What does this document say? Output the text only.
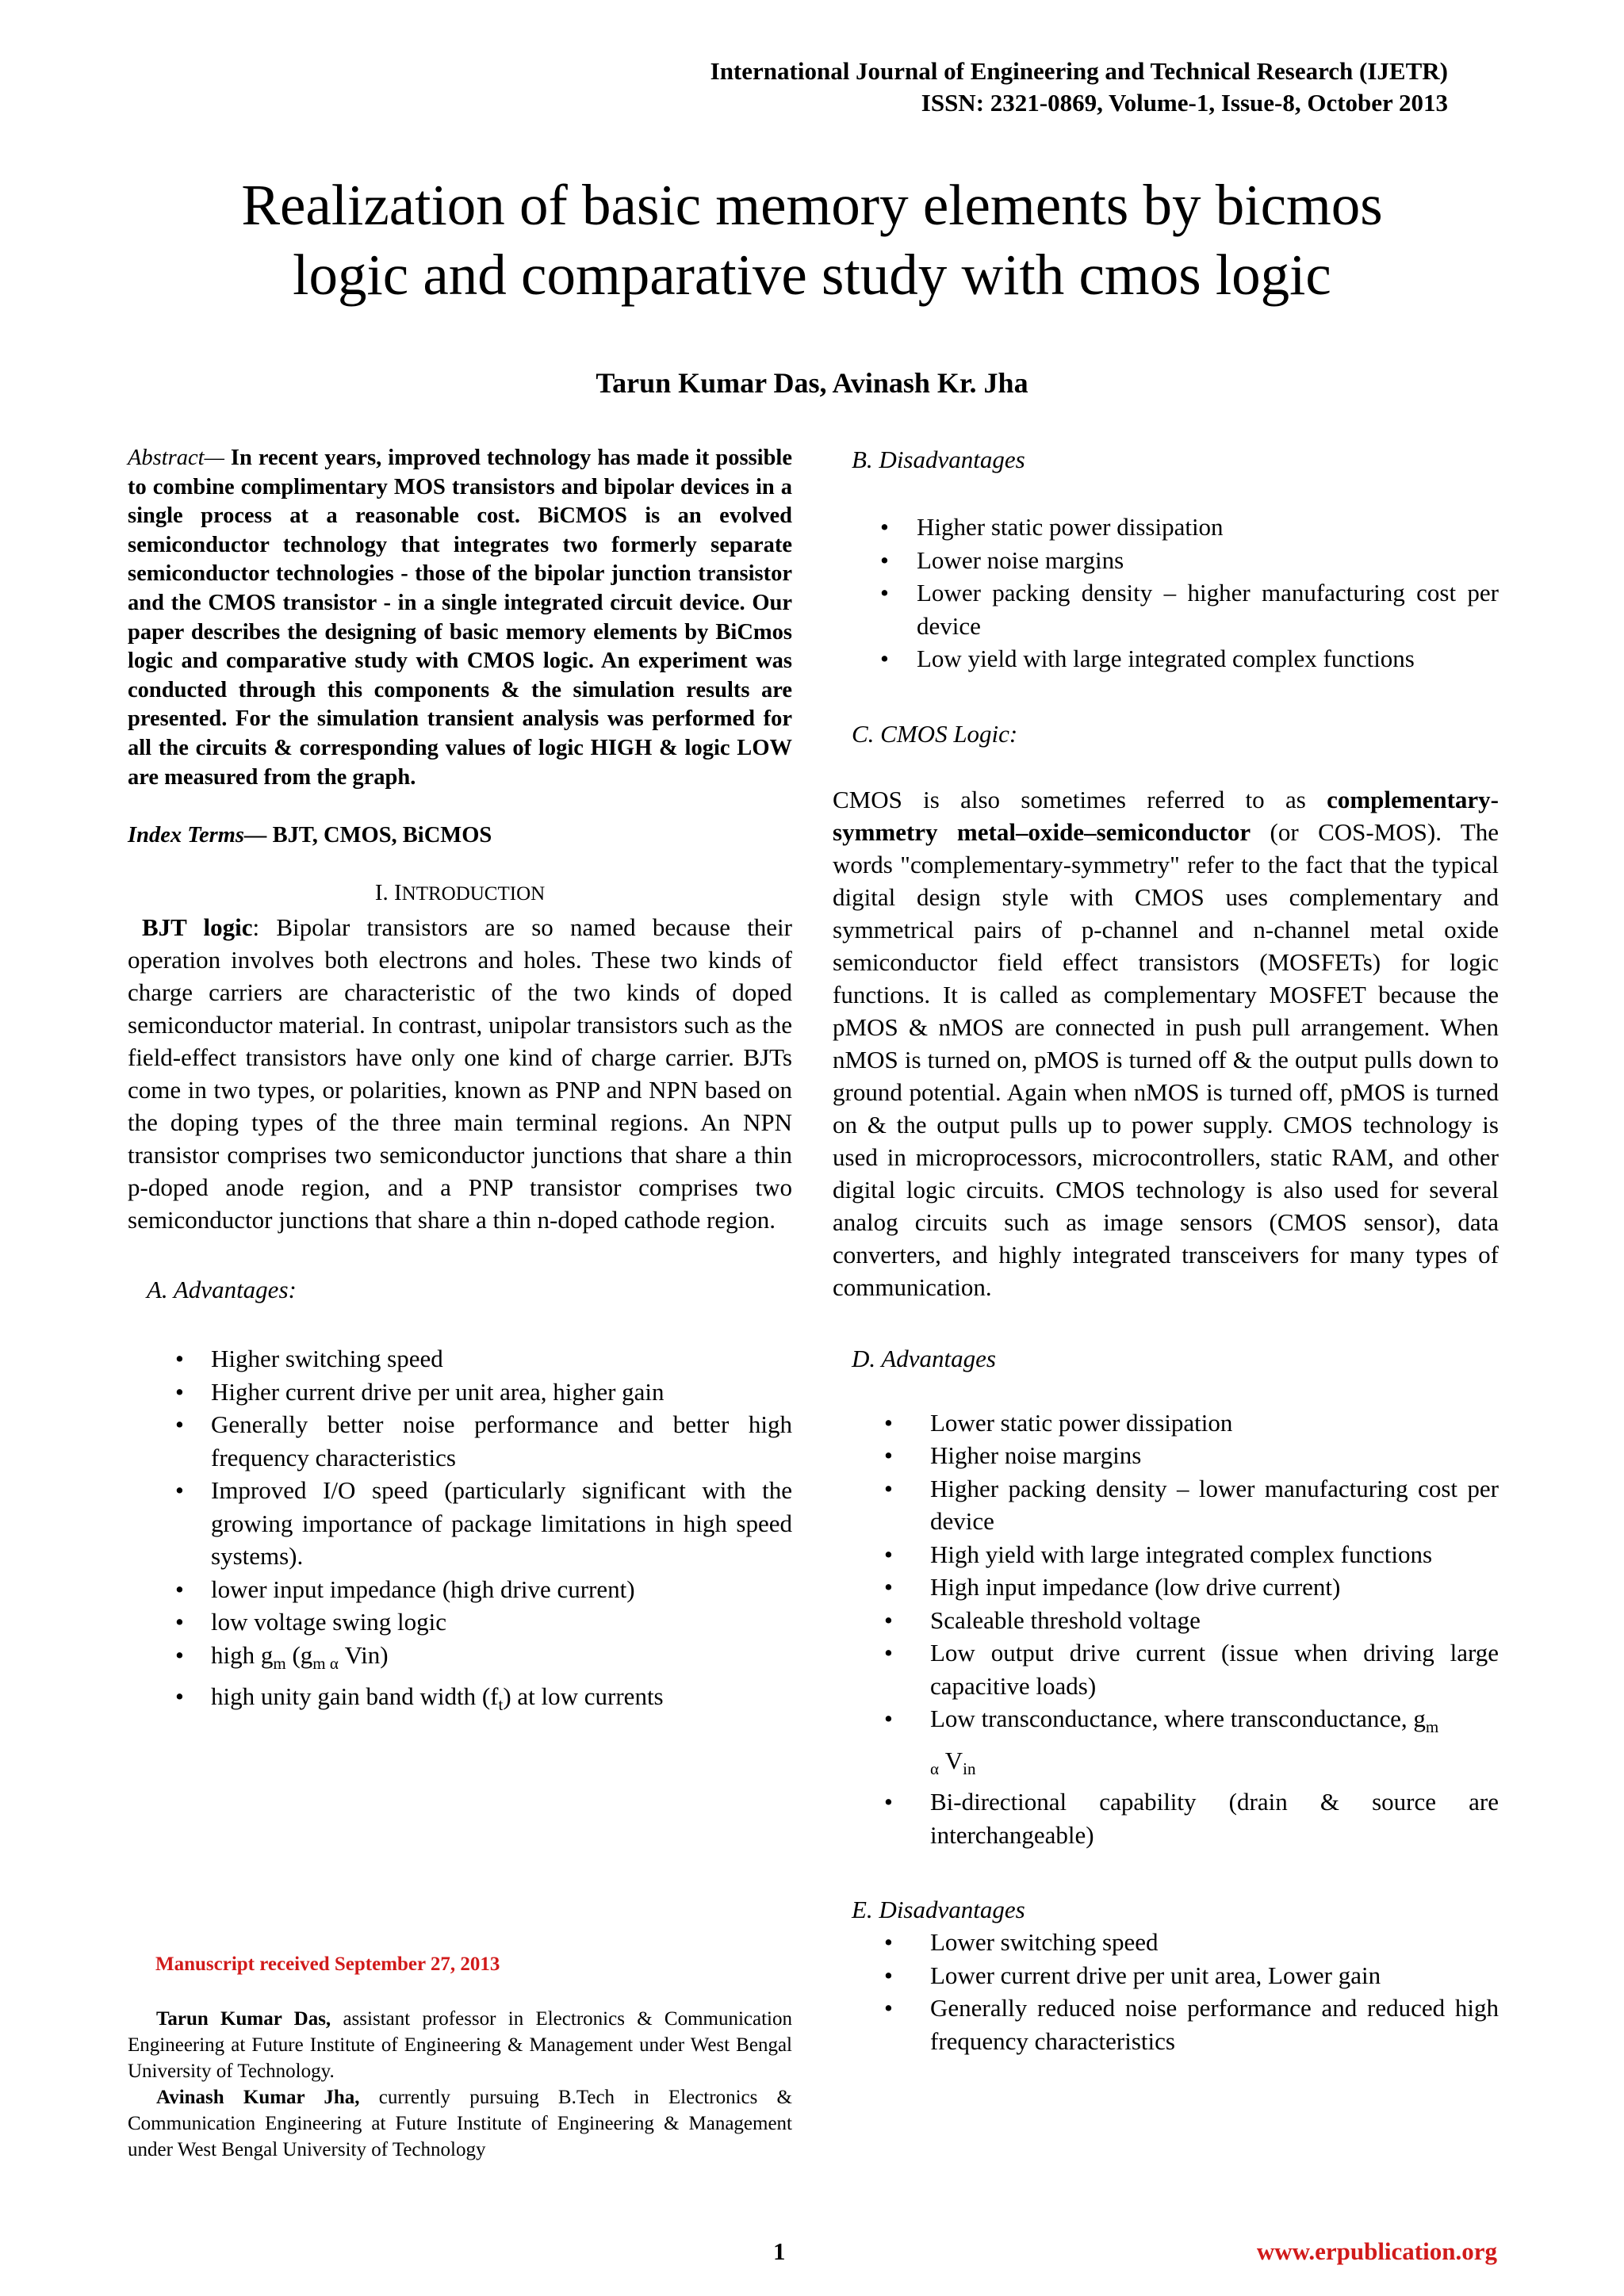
International Journal of Engineering and Technical Research (IJETR)
ISSN: 2321-0869, Volume-1, Issue-8, October 2013
Realization of basic memory elements by bicmos
logic and comparative study with cmos logic
Tarun Kumar Das, Avinash Kr. Jha

Abstract— In recent years, improved technology has made it possible to combine complimentary MOS transistors and bipolar devices in a single process at a reasonable cost. BiCMOS is an evolved semiconductor technology that integrates two formerly separate semiconductor technologies - those of the bipolar junction transistor and the CMOS transistor - in a single integrated circuit device. Our paper describes the designing of basic memory elements by BiCmos logic and comparative study with CMOS logic. An experiment was conducted through this components & the simulation results are presented. For the simulation transient analysis was performed for all the circuits & corresponding values of logic HIGH & logic LOW are measured from the graph.

Index Terms— BJT, CMOS, BiCMOS

I. INTRODUCTION

BJT logic: Bipolar transistors are so named because their operation involves both electrons and holes. These two kinds of charge carriers are characteristic of the two kinds of doped semiconductor material. In contrast, unipolar transistors such as the field-effect transistors have only one kind of charge carrier. BJTs come in two types, or polarities, known as PNP and NPN based on the doping types of the three main terminal regions. An NPN transistor comprises two semiconductor junctions that share a thin p-doped anode region, and a PNP transistor comprises two semiconductor junctions that share a thin n-doped cathode region.

A. Advantages:

• Higher switching speed
• Higher current drive per unit area, higher gain
• Generally better noise performance and better high frequency characteristics
• Improved I/O speed (particularly significant with the growing importance of package limitations in high speed systems).
• lower input impedance (high drive current)
• low voltage swing logic
• high $g_m$ ($g_{m \alpha}$ Vin)
• high unity gain band width $(f_t)$ at low currents

B. Disadvantages

• Higher static power dissipation
• Lower noise margins
• Lower packing density – higher manufacturing cost per device
• Low yield with large integrated complex functions

C. CMOS Logic:

CMOS is also sometimes referred to as complementary-symmetry metal–oxide–semiconductor (or COS-MOS). The words "complementary-symmetry" refer to the fact that the typical digital design style with CMOS uses complementary and symmetrical pairs of p-channel and n-channel metal oxide semiconductor field effect transistors (MOSFETs) for logic functions. It is called as complementary MOSFET because the pMOS & nMOS are connected in push pull arrangement. When nMOS is turned on, pMOS is turned off & the output pulls down to ground potential. Again when nMOS is turned off, pMOS is turned on & the output pulls up to power supply. CMOS technology is used in microprocessors, microcontrollers, static RAM, and other digital logic circuits. CMOS technology is also used for several analog circuits such as image sensors (CMOS sensor), data converters, and highly integrated transceivers for many types of communication.

D. Advantages

• Lower static power dissipation
• Higher noise margins
• Higher packing density – lower manufacturing cost per device
• High yield with large integrated complex functions
• High input impedance (low drive current)
• Scaleable threshold voltage
• Low output drive current (issue when driving large capacitive loads)
• Low transconductance, where transconductance, $g_m$
$_\alpha$ $V_{in}$
• Bi-directional capability (drain & source are interchangeable)

E. Disadvantages

• Lower switching speed
• Lower current drive per unit area, Lower gain
• Generally reduced noise performance and reduced high frequency characteristics
Manuscript received September 27, 2013

Tarun Kumar Das, assistant professor in Electronics & Communication Engineering at Future Institute of Engineering & Management under West Bengal University of Technology.

Avinash Kumar Jha, currently pursuing B.Tech in Electronics & Communication Engineering at Future Institute of Engineering & Management under West Bengal University of Technology

1	www.erpublication.org
